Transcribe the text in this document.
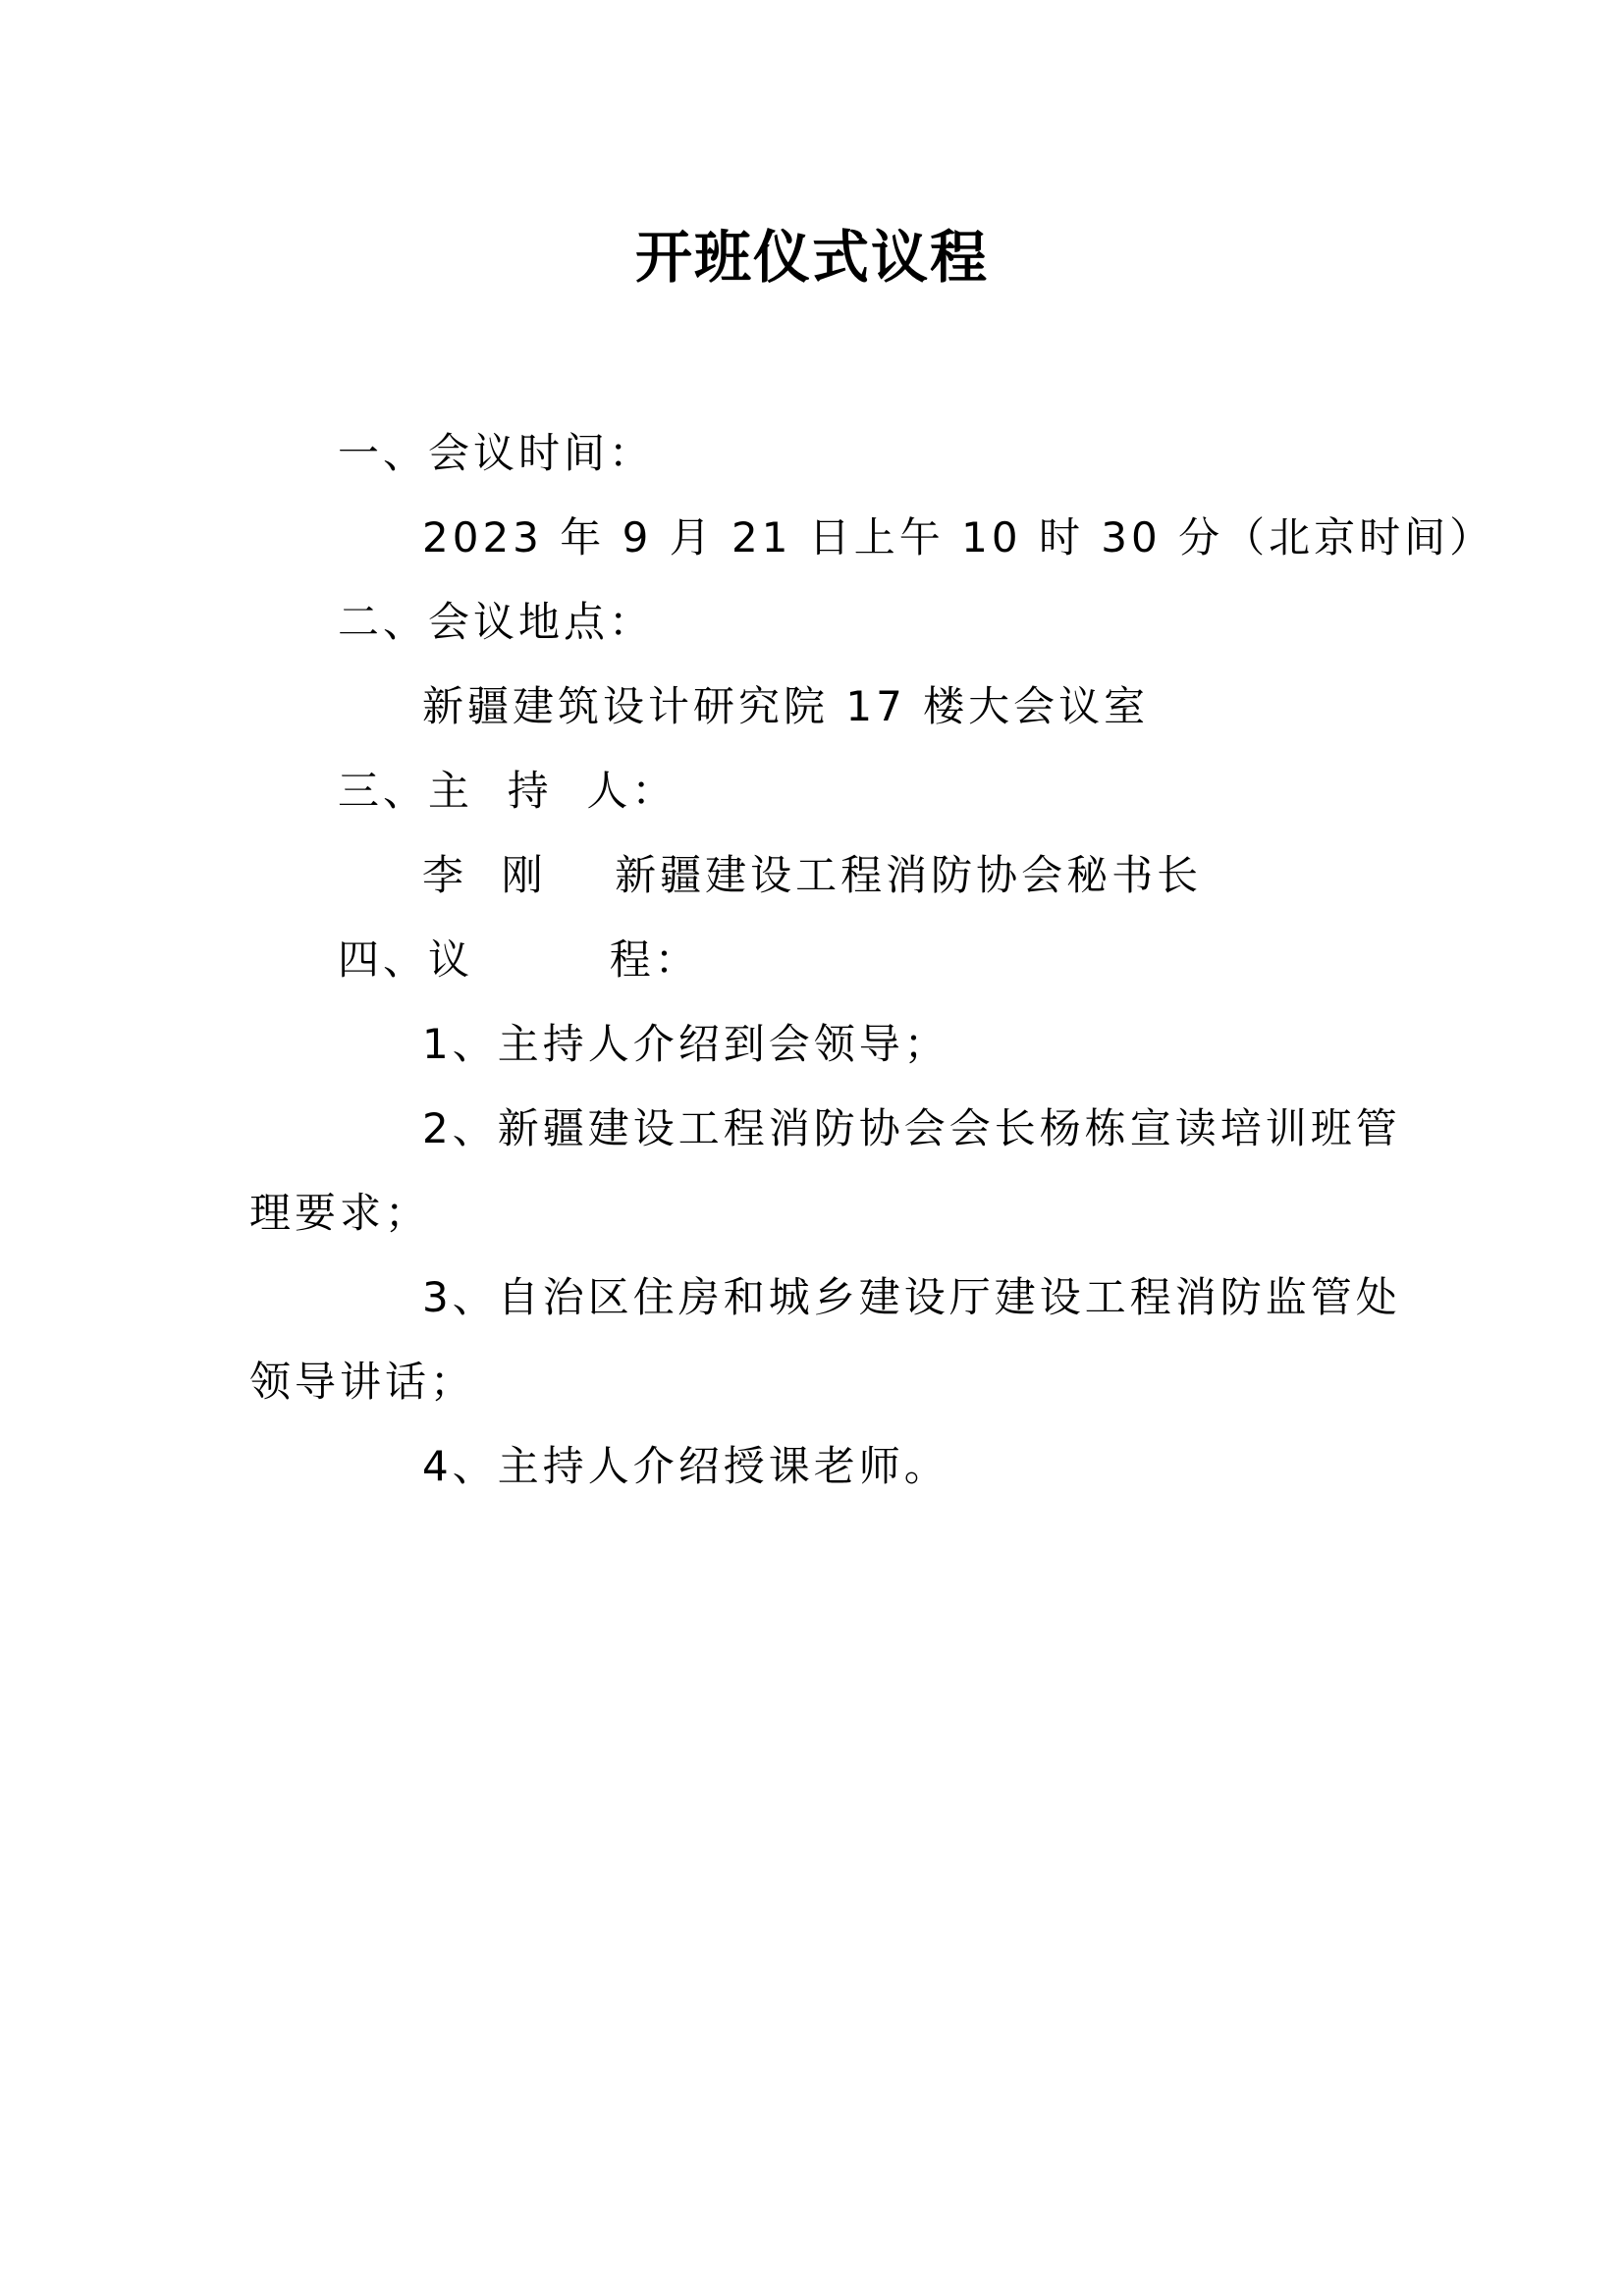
开班仪式议程
一、会议时间：
2023 年 9 月 21 日上午 10 时 30 分（北京时间）
二、会议地点：
新疆建筑设计研究院 17 楼大会议室
三、主  持  人：
李  刚    新疆建设工程消防协会秘书长
四、议        程：
1、主持人介绍到会领导；
2、新疆建设工程消防协会会长杨栋宣读培训班管
理要求；
3、自治区住房和城乡建设厅建设工程消防监管处
领导讲话；
4、主持人介绍授课老师。
